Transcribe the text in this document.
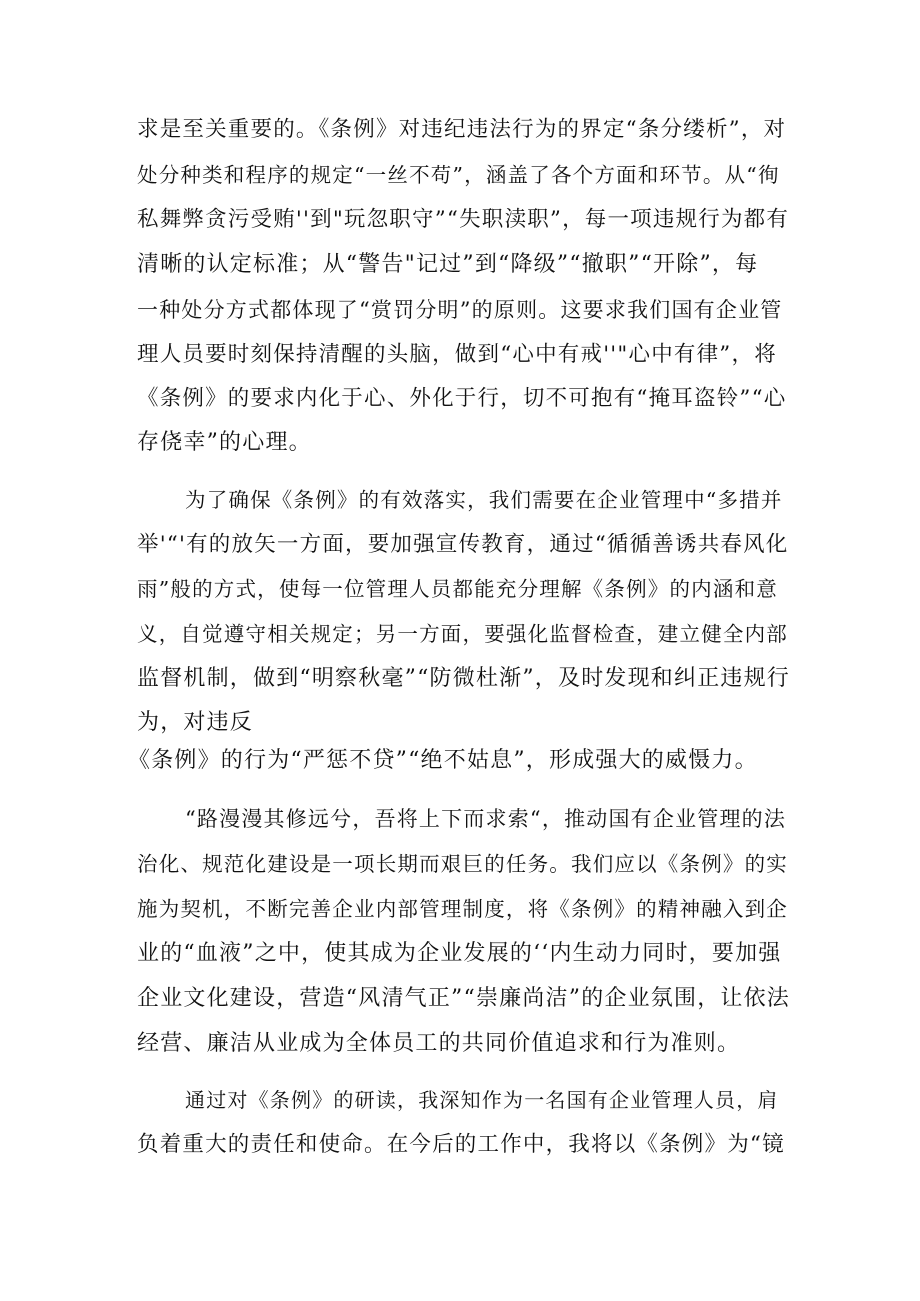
求是至关重要的。《条例》对违纪违法行为的界定“条分缕析”，对

处分种类和程序的规定“一丝不苟”，涵盖了各个方面和环节。从“徇

私舞弊贪污受贿''到"玩忽职守”“失职渎职”，每一项违规行为都有

清晰的认定标准；从“警告"记过”到“降级”“撤职”“开除”，每

一种处分方式都体现了“赏罚分明”的原则。这要求我们国有企业管

理人员要时刻保持清醒的头脑，做到“心中有戒''"心中有律”，将

《条例》的要求内化于心、外化于行，切不可抱有“掩耳盗铃”“心

存侥幸”的心理。

为了确保《条例》的有效落实，我们需要在企业管理中“多措并

举'“'有的放矢一方面，要加强宣传教育，通过“循循善诱共春风化

雨”般的方式，使每一位管理人员都能充分理解《条例》的内涵和意

义，自觉遵守相关规定；另一方面，要强化监督检查，建立健全内部

监督机制，做到“明察秋毫”“防微杜渐”，及时发现和纠正违规行

为，对违反

《条例》的行为“严惩不贷”“绝不姑息”，形成强大的威慑力。

“路漫漫其修远兮，吾将上下而求索“，推动国有企业管理的法

治化、规范化建设是一项长期而艰巨的任务。我们应以《条例》的实

施为契机，不断完善企业内部管理制度，将《条例》的精神融入到企

业的“血液”之中，使其成为企业发展的‘‘内生动力同时，要加强

企业文化建设，营造“风清气正”“崇廉尚洁”的企业氛围，让依法

经营、廉洁从业成为全体员工的共同价值追求和行为准则。

通过对《条例》的研读，我深知作为一名国有企业管理人员，肩

负着重大的责任和使命。在今后的工作中，我将以《条例》为“镜
